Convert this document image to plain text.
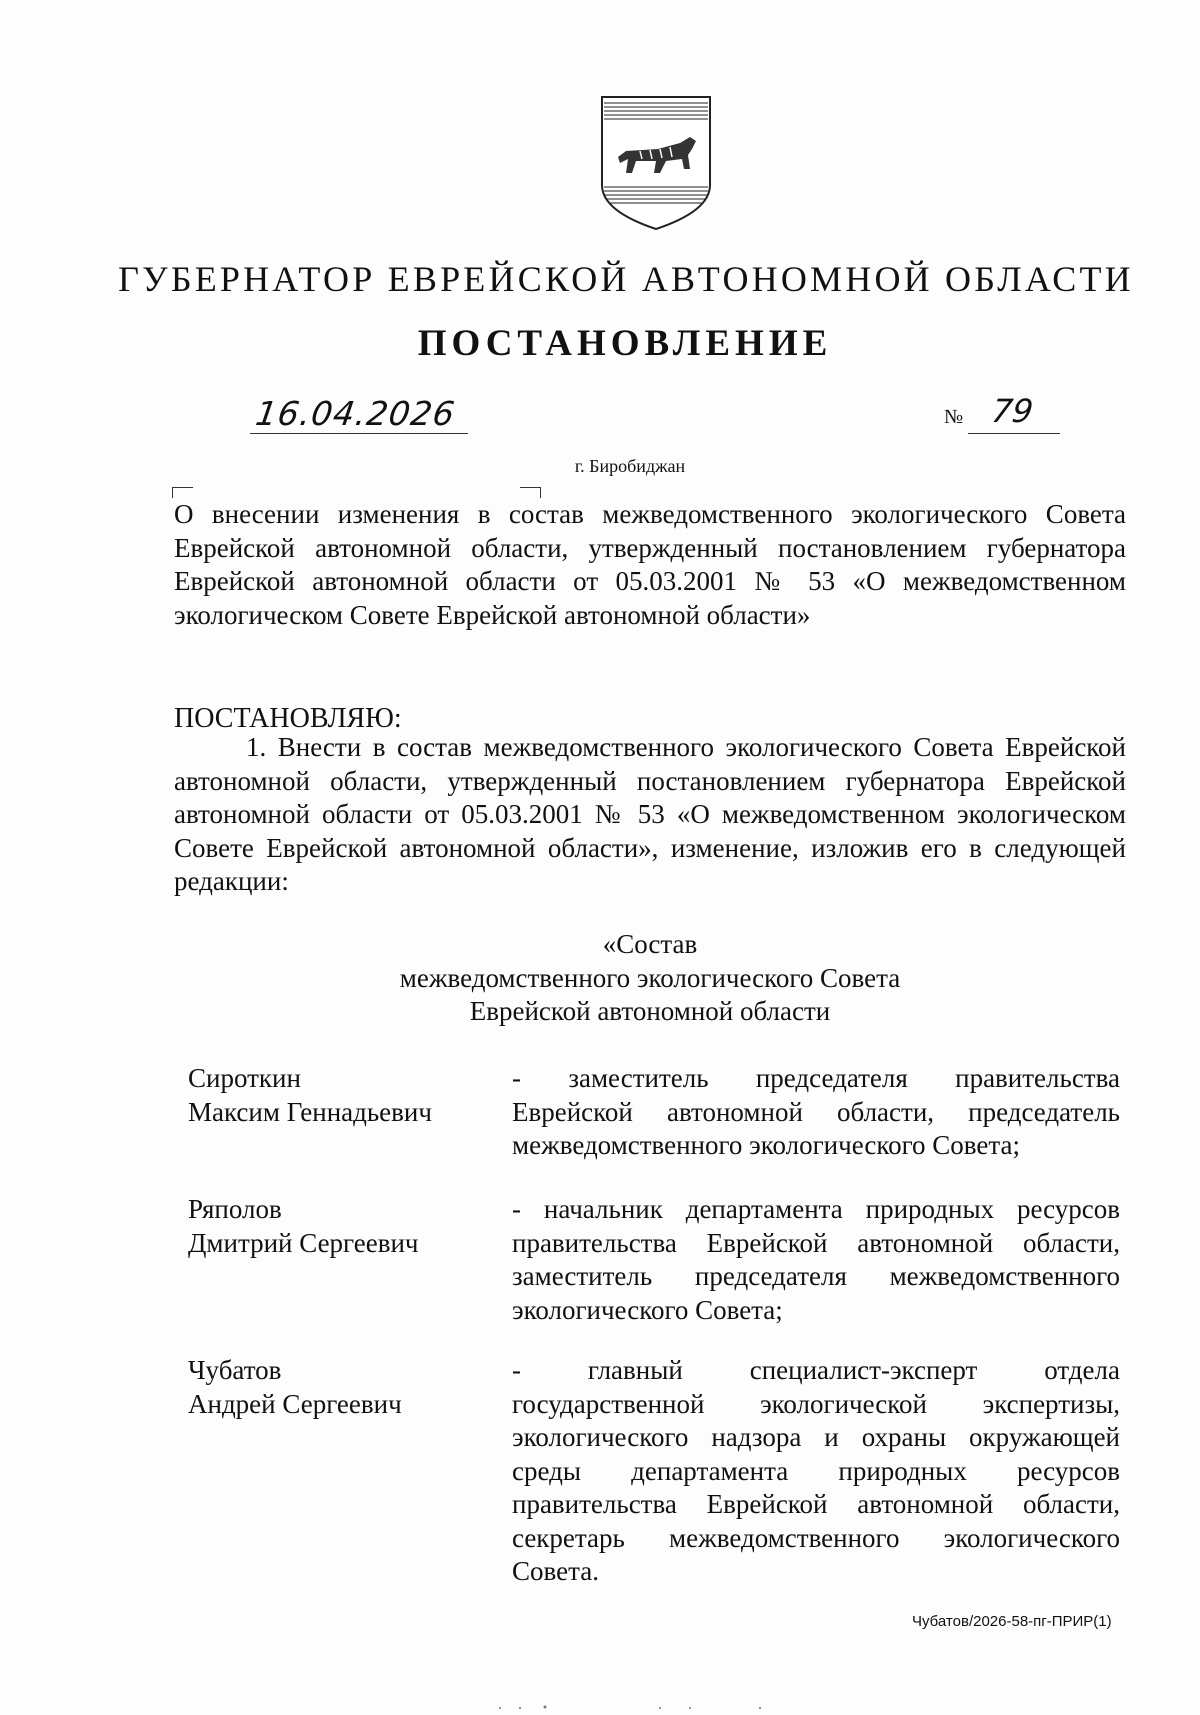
ГУБЕРНАТОР ЕВРЕЙСКОЙ АВТОНОМНОЙ ОБЛАСТИ
ПОСТАНОВЛЕНИЕ
16.04.2026	№ 79
г. Биробиджан
О внесении изменения в состав межведомственного экологического Совета Еврейской автономной области, утвержденный постановлением губернатора Еврейской автономной области от 05.03.2001 № 53 «О межведомственном экологическом Совете Еврейской автономной области»
ПОСТАНОВЛЯЮ:
1. Внести в состав межведомственного экологического Совета Еврейской автономной области, утвержденный постановлением губернатора Еврейской автономной области от 05.03.2001 № 53 «О межведомственном экологическом Совете Еврейской автономной области», изменение, изложив его в следующей редакции:
«Состав
межведомственного экологического Совета
Еврейской автономной области
Сироткин
Максим Геннадьевич
- заместитель председателя правительства Еврейской автономной области, председатель межведомственного экологического Совета;
Ряполов
Дмитрий Сергеевич
- начальник департамента природных ресурсов правительства Еврейской автономной области, заместитель председателя межведомственного экологического Совета;
Чубатов
Андрей Сергеевич
- главный специалист-эксперт отдела государственной экологической экспертизы, экологического надзора и охраны окружающей среды департамента природных ресурсов правительства Еврейской автономной области, секретарь межведомственного экологического Совета.
Чубатов/2026-58-пг-ПРИР(1)
